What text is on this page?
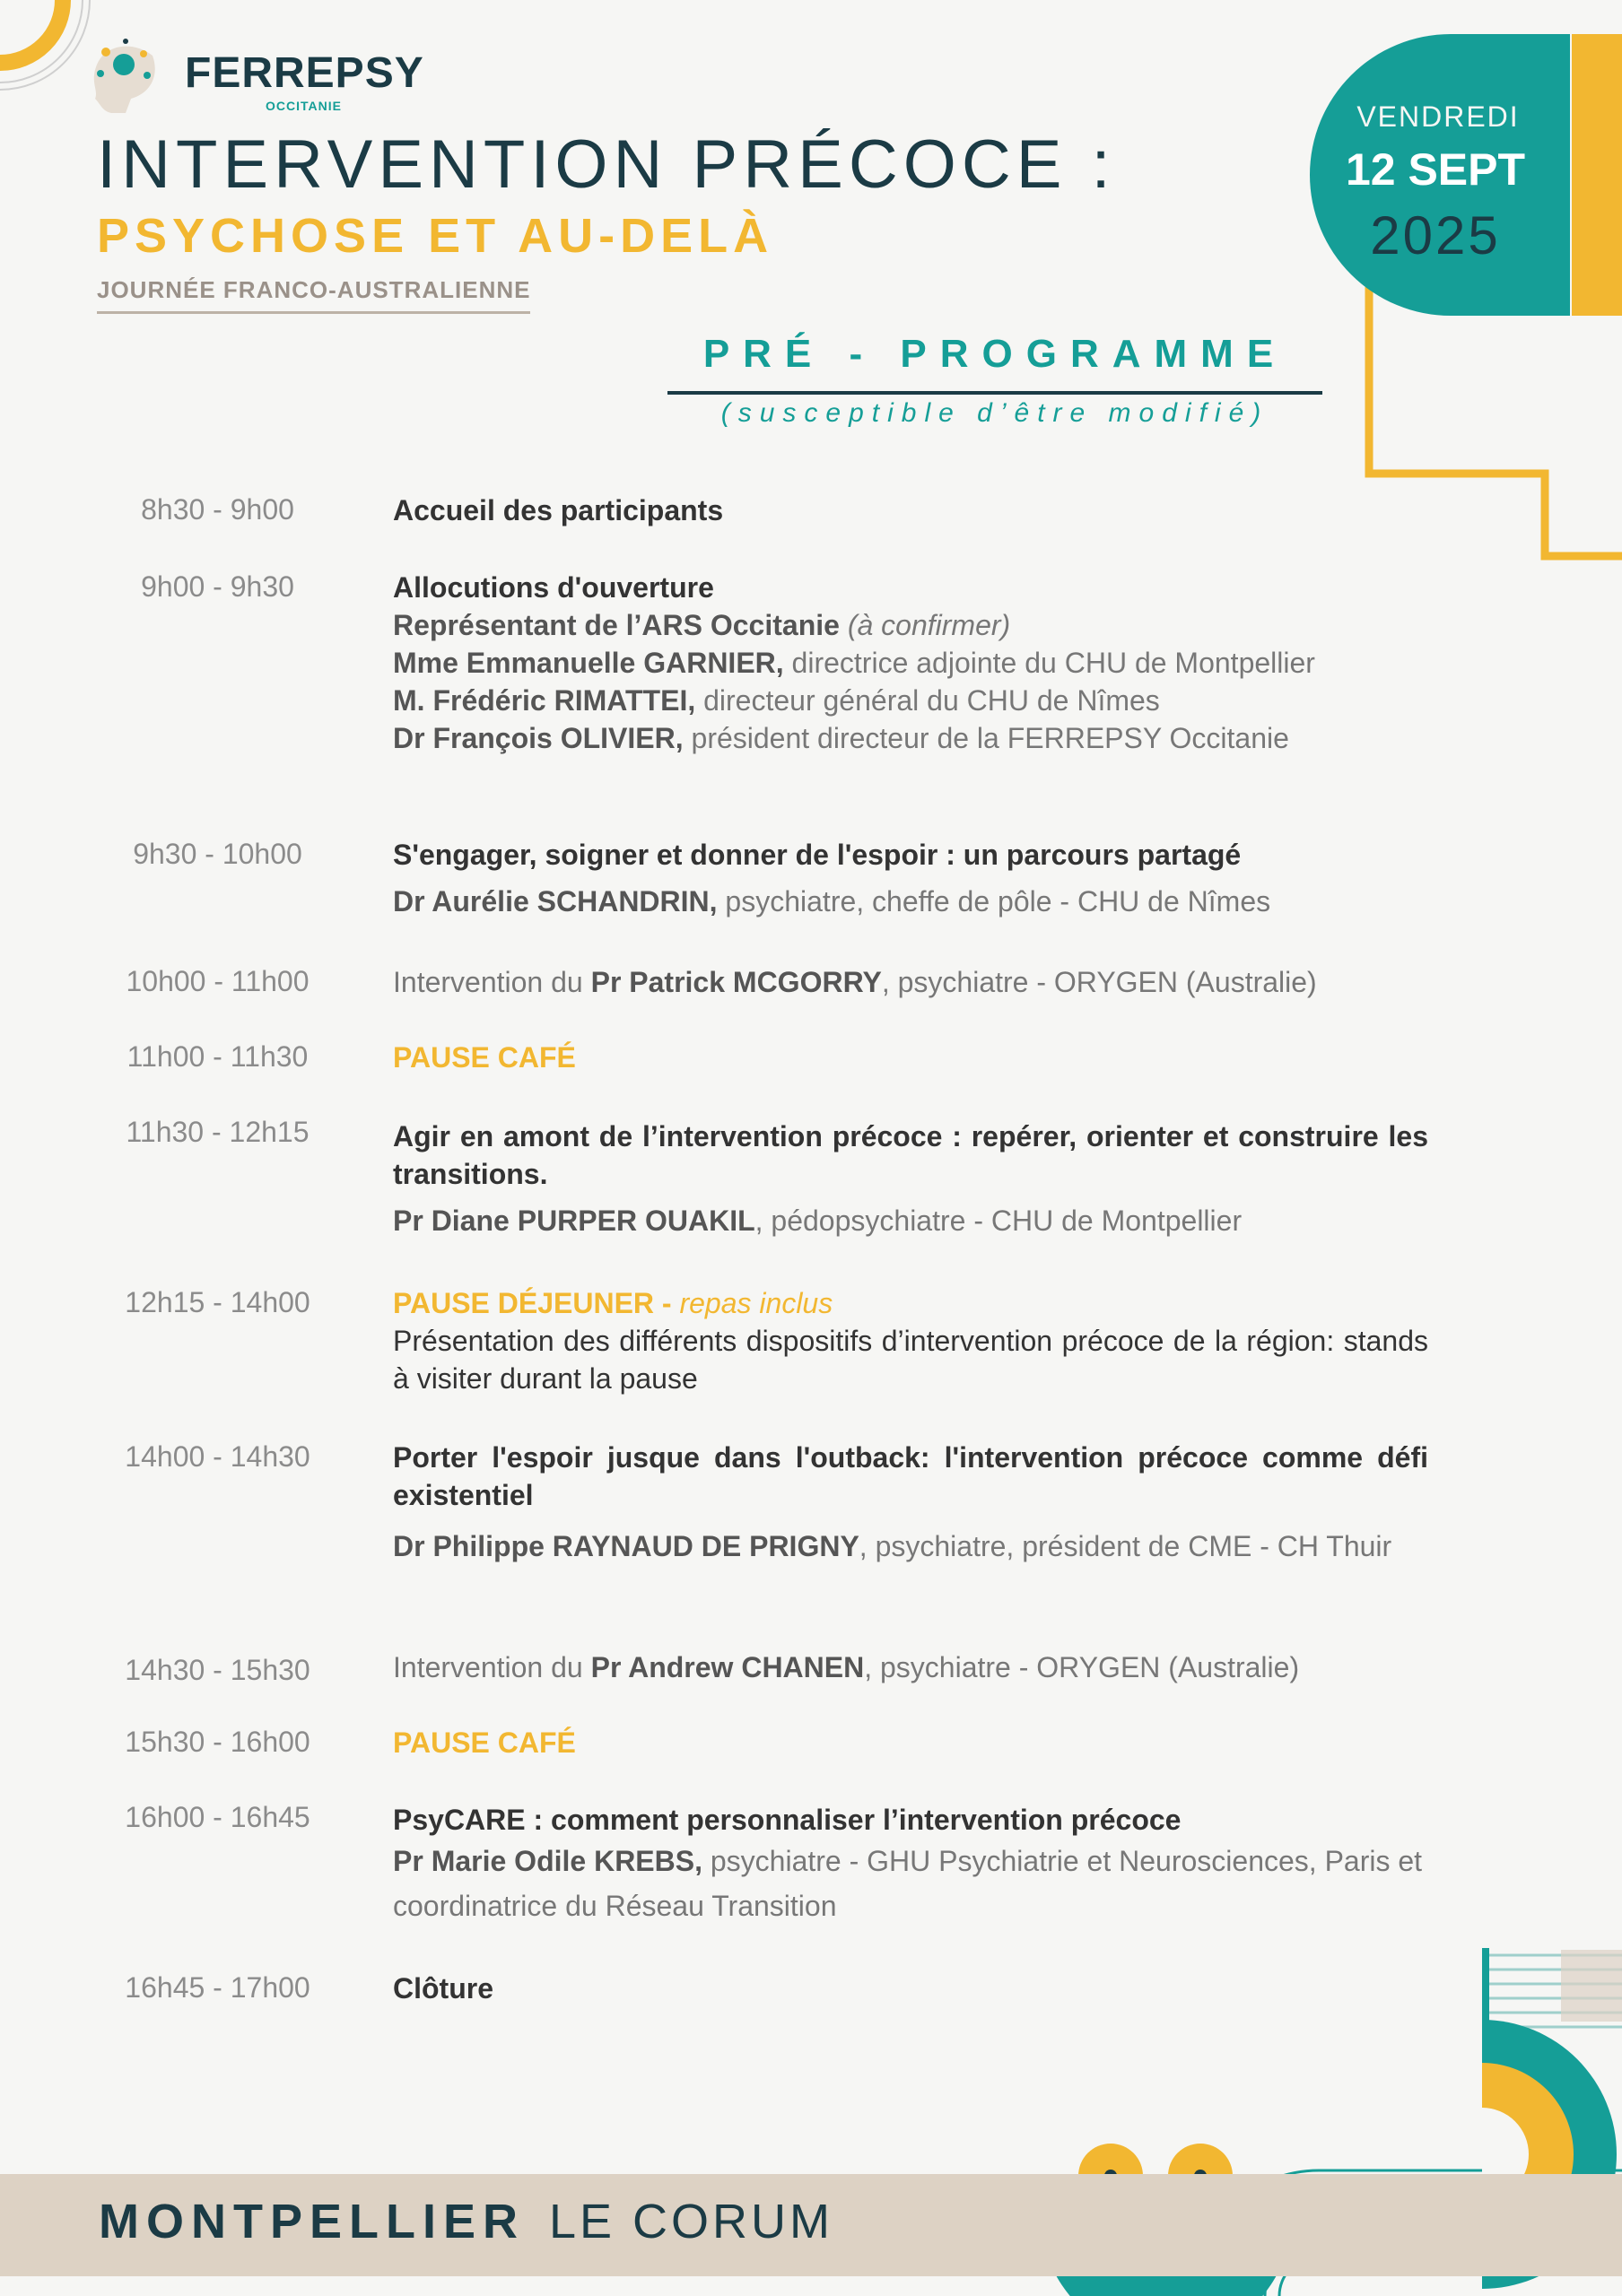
FERREPSY
OCCITANIE
INTERVENTION PRÉCOCE :
PSYCHOSE ET AU-DELÀ
JOURNÉE FRANCO-AUSTRALIENNE
VENDREDI
12 SEPT
2025
PRÉ - PROGRAMME
(susceptible d’être modifié)
8h30 - 9h00	Accueil des participants
9h00 - 9h30	Allocutions d'ouverture
Représentant de l’ARS Occitanie (à confirmer)
Mme Emmanuelle GARNIER, directrice adjointe du CHU de Montpellier
M. Frédéric RIMATTEI, directeur général du CHU de Nîmes
Dr François OLIVIER, président directeur de la FERREPSY Occitanie
9h30 - 10h00	S'engager, soigner et donner de l'espoir : un parcours partagé
Dr Aurélie SCHANDRIN, psychiatre, cheffe de pôle - CHU de Nîmes
10h00 - 11h00	Intervention du Pr Patrick MCGORRY, psychiatre - ORYGEN (Australie)
11h00 - 11h30	PAUSE CAFÉ
11h30 - 12h15	Agir en amont de l’intervention précoce : repérer, orienter et construire les transitions.
Pr Diane PURPER OUAKIL, pédopsychiatre - CHU de Montpellier
12h15 - 14h00	PAUSE DÉJEUNER - repas inclus
Présentation des différents dispositifs d’intervention précoce de la région: stands à visiter durant la pause
14h00 - 14h30	Porter l'espoir jusque dans l'outback: l'intervention précoce comme défi existentiel
Dr Philippe RAYNAUD DE PRIGNY, psychiatre, président de CME - CH Thuir
14h30 - 15h30	Intervention du Pr Andrew CHANEN, psychiatre - ORYGEN (Australie)
15h30 - 16h00	PAUSE CAFÉ
16h00 - 16h45	PsyCARE : comment personnaliser l’intervention précoce
Pr Marie Odile KREBS, psychiatre - GHU Psychiatrie et Neurosciences, Paris et coordinatrice du Réseau Transition
16h45 - 17h00	Clôture
MONTPELLIER LE CORUM
